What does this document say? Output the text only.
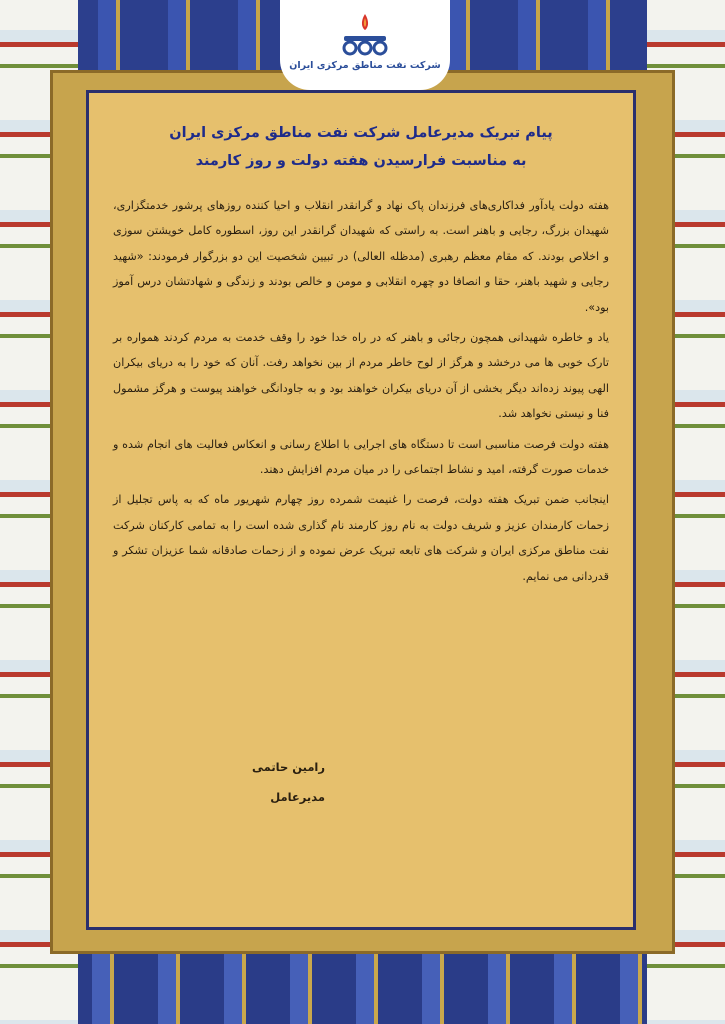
شرکت نفت مناطق مرکزی ایران
پیام تبریک مدیرعامل شرکت نفت مناطق مرکزی ایران
به مناسبت فرارسیدن هفته دولت و روز کارمند

هفته دولت یادآور فداکاری‌های فرزندان پاک نهاد و گرانقدر انقلاب و احیا کننده روزهای پرشور خدمتگزاری، شهیدان بزرگ، رجایی و باهنر است. به راستی که شهیدان گرانقدر این روز، اسطوره کامل خویشتن سوزی و اخلاص بودند. که مقام معظم رهبری (مدظله العالی) در تبیین شخصیت این دو بزرگوار فرمودند: «شهید رجایی و شهید باهنر، حقا و انصافا دو چهره انقلابی و مومن و خالص بودند و زندگی و شهادتشان درس آموز بود».

یاد و خاطره شهیدانی همچون رجائی و باهنر که در راه خدا خود را وقف خدمت به مردم کردند همواره بر تارک خوبی ها می درخشد و هرگز از لوح خاطر مردم از بین نخواهد رفت. آنان که خود را به دریای بیکران الهی پیوند زده‌اند دیگر بخشی از آن دریای بیکران خواهند بود و به جاودانگی خواهند پیوست و هرگز مشمول فنا و نیستی نخواهد شد.

هفته دولت فرصت مناسبی است تا دستگاه های اجرایی با اطلاع رسانی و انعکاس فعالیت های انجام شده و خدمات صورت گرفته، امید و نشاط اجتماعی را در میان مردم افزایش دهند.

اینجانب ضمن تبریک هفته دولت، فرصت را غنیمت شمرده روز چهارم شهریور ماه که به پاس تجلیل از زحمات کارمندان عزیز و شریف دولت به نام روز کارمند نام گذاری شده است را به تمامی کارکنان شرکت نفت مناطق مرکزی ایران و شرکت های تابعه تبریک عرض نموده و از زحمات صادقانه شما عزیزان تشکر و قدردانی می نمایم.

رامین حاتمی

مدیرعامل
